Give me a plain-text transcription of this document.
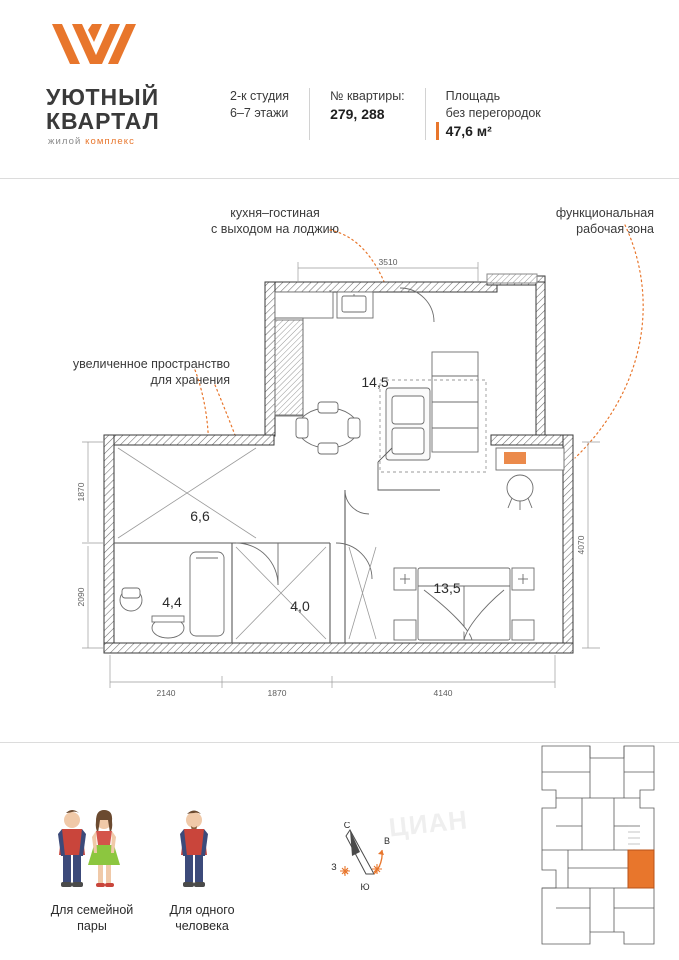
УЮТНЫЙ
КВАРТАЛ
жилой комплекс
2-к студия
6–7 этажи
№ квартиры:
279, 288
Площадь
без перегородок
47,6 м²
кухня–гостиная
с выходом на лоджию
функциональная
рабочая зона
увеличенное пространство
для хранения
3510
2140	1870	4140
1870
2090
4070
14,5
6,6
4,4	4,0
13,5
ЦИАН
Для семейной
пары
Для одного
человека
С
В
Ю
З
